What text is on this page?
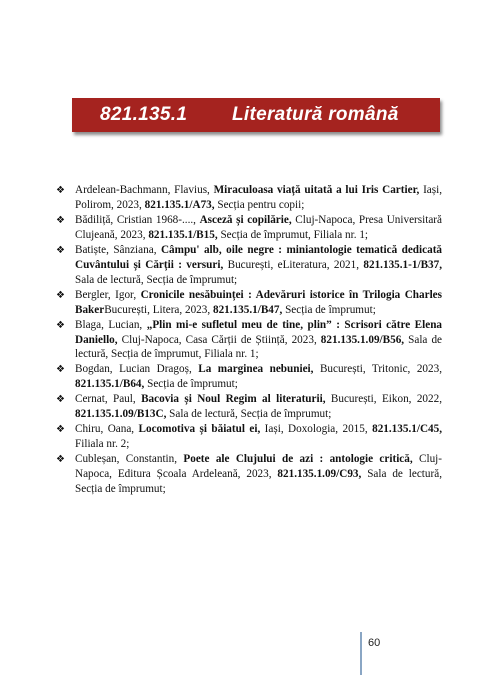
821.135.1 Literatură română
❖ Ardelean-Bachmann, Flavius, Miraculoasa viață uitată a lui Iris Cartier, Iași, Polirom, 2023, 821.135.1/A73, Secția pentru copii;
❖ Bădiliță, Cristian 1968-...., Asceză și copilărie, Cluj-Napoca, Presa Universitară Clujeană, 2023, 821.135.1/B15, Secția de împrumut, Filiala nr. 1;
❖ Batiște, Sânziana, Câmpu' alb, oile negre : miniantologie tematică dedicată Cuvântului și Cărții : versuri, București, eLiteratura, 2021, 821.135.1-1/B37, Sala de lectură, Secția de împrumut;
❖ Bergler, Igor, Cronicile nesăbuinței : Adevăruri istorice în Trilogia Charles BakerBucurești, Litera, 2023, 821.135.1/B47, Secția de împrumut;
❖ Blaga, Lucian, „Plin mi-e sufletul meu de tine, plin” : Scrisori către Elena Daniello, Cluj-Napoca, Casa Cărții de Știință, 2023, 821.135.1.09/B56, Sala de lectură, Secția de împrumut, Filiala nr. 1;
❖ Bogdan, Lucian Dragoș, La marginea nebuniei, București, Tritonic, 2023, 821.135.1/B64, Secția de împrumut;
❖ Cernat, Paul, Bacovia și Noul Regim al literaturii, București, Eikon, 2022, 821.135.1.09/B13C, Sala de lectură, Secția de împrumut;
❖ Chiru, Oana, Locomotiva și băiatul ei, Iași, Doxologia, 2015, 821.135.1/C45, Filiala nr. 2;
❖ Cubleșan, Constantin, Poete ale Clujului de azi : antologie critică, Cluj-Napoca, Editura Școala Ardeleană, 2023, 821.135.1.09/C93, Sala de lectură, Secția de împrumut;
60
